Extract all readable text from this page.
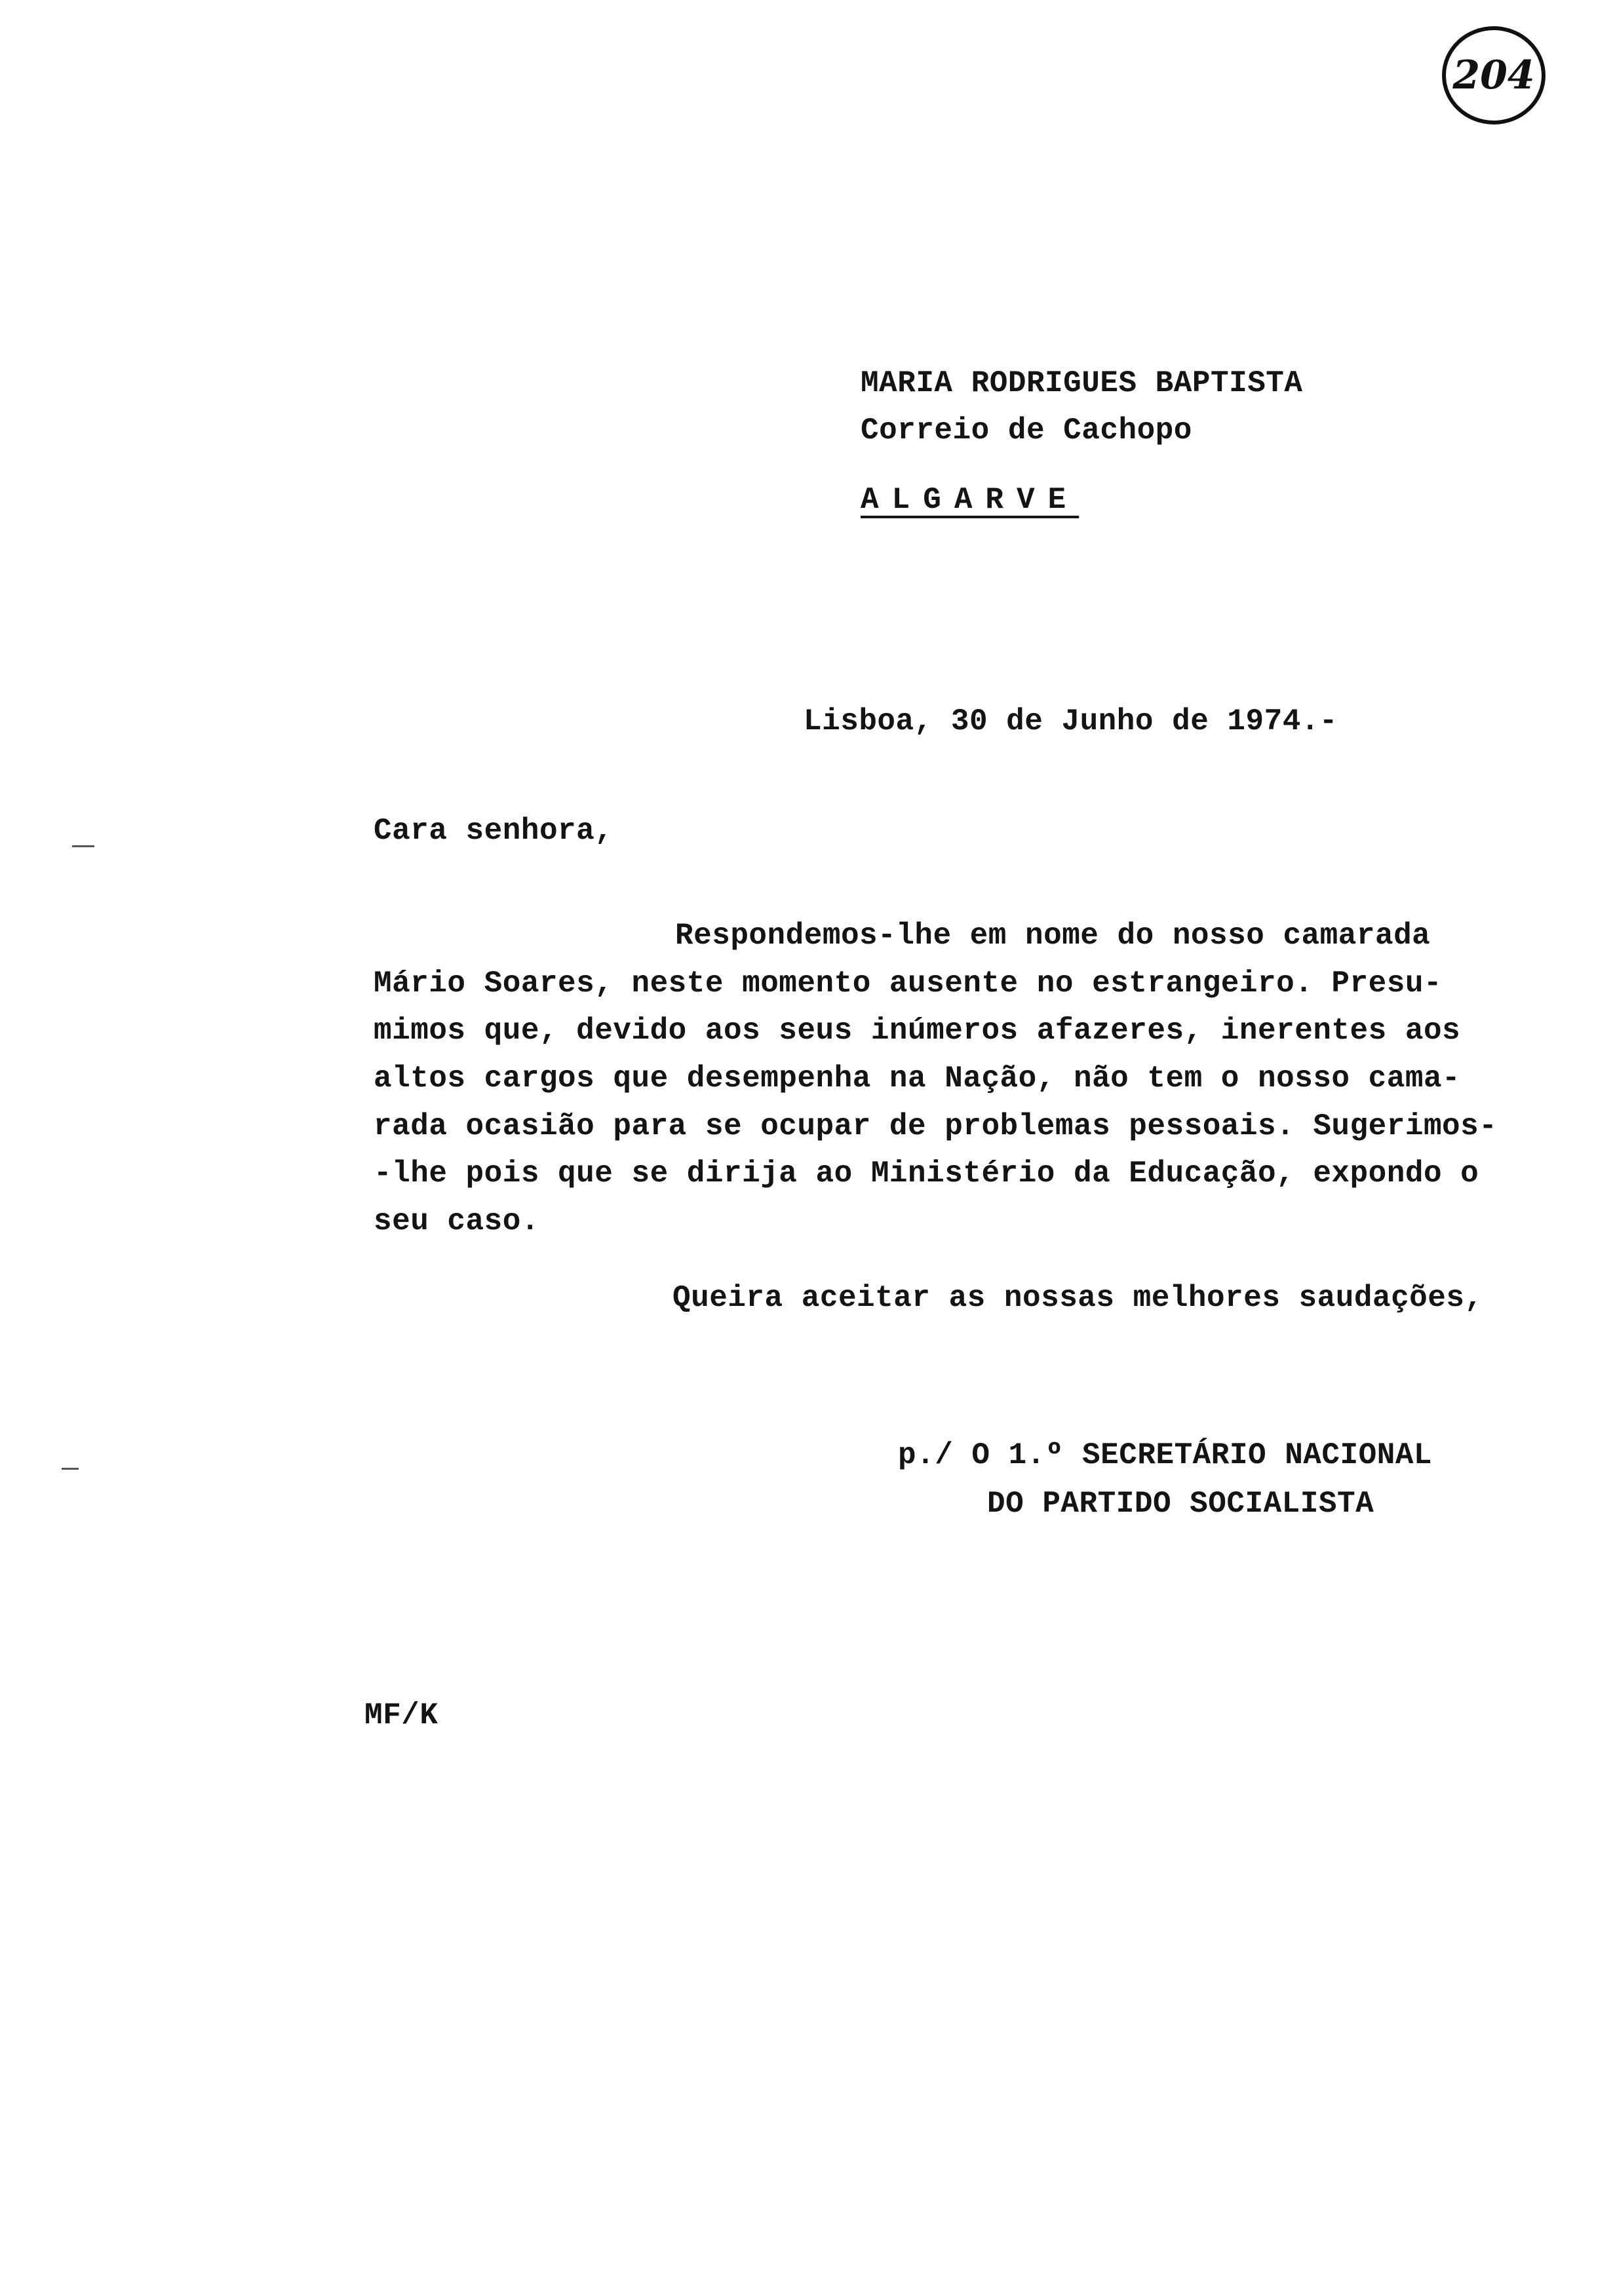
204
MARIA RODRIGUES BAPTISTA
Correio de Cachopo
ALGARVE
Lisboa, 30 de Junho de 1974.-
Cara senhora,
Respondemos-lhe em nome do nosso camarada
Mário Soares, neste momento ausente no estrangeiro. Presu-
mimos que, devido aos seus inúmeros afazeres, inerentes aos
altos cargos que desempenha na Nação, não tem o nosso cama-
rada ocasião para se ocupar de problemas pessoais. Sugerimos-
-lhe pois que se dirija ao Ministério da Educação, expondo o
seu caso.
Queira aceitar as nossas melhores saudações,
p./ O 1.º SECRETÁRIO NACIONAL
DO PARTIDO SOCIALISTA
MF/K
